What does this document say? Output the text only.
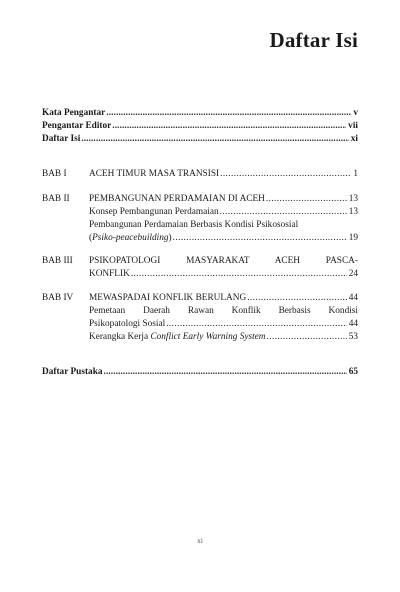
Daftar Isi
Kata Pengantar .....	v
Pengantar Editor .....	vii
Daftar Isi .....	xi
BAB I	ACEH TIMUR MASA TRANSISI .....	1
BAB II	PEMBANGUNAN PERDAMAIAN DI ACEH .....	13
Konsep Pembangunan Perdamaian .....	13
Pembangunan Perdamaian Berbasis Kondisi Psikososial
(Psiko-peacebuilding) .....	19
BAB III	PSIKOPATOLOGI MASYARAKAT ACEH PASCA-
KONFLIK .....	24
BAB IV	MEWASPADAI KONFLIK BERULANG .....	44
Pemetaan Daerah Rawan Konflik Berbasis Kondisi
Psikopatologi Sosial .....	44
Kerangka Kerja Conflict Early Warning System .....	53
Daftar Pustaka .....	65
xi
